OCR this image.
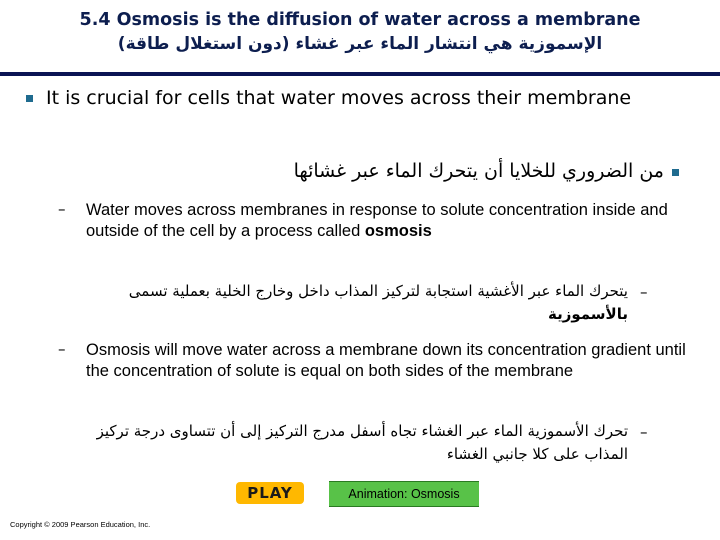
5.4 Osmosis is the diffusion of water across a membrane
الإسموزية هي انتشار الماء عبر غشاء (دون استغلال طاقة)
It is crucial for cells that water moves across their membrane
من الضروري للخلايا أن يتحرك الماء عبر غشائها
– Water moves across membranes in response to solute concentration inside and outside of the cell by a process called osmosis
–
يتحرك الماء عبر الأغشية استجابة لتركيز المذاب داخل وخارج الخلية بعملية تسمى بالأسموزية
– Osmosis will move water across a membrane down its concentration gradient until the concentration of solute is equal on both sides of the membrane
–
تحرك الأسموزية الماء عبر الغشاء تجاه أسفل مدرج التركيز إلى أن تتساوى درجة تركيز المذاب على كلا جانبي الغشاء
PLAY	Animation: Osmosis
Copyright © 2009 Pearson Education, Inc.
